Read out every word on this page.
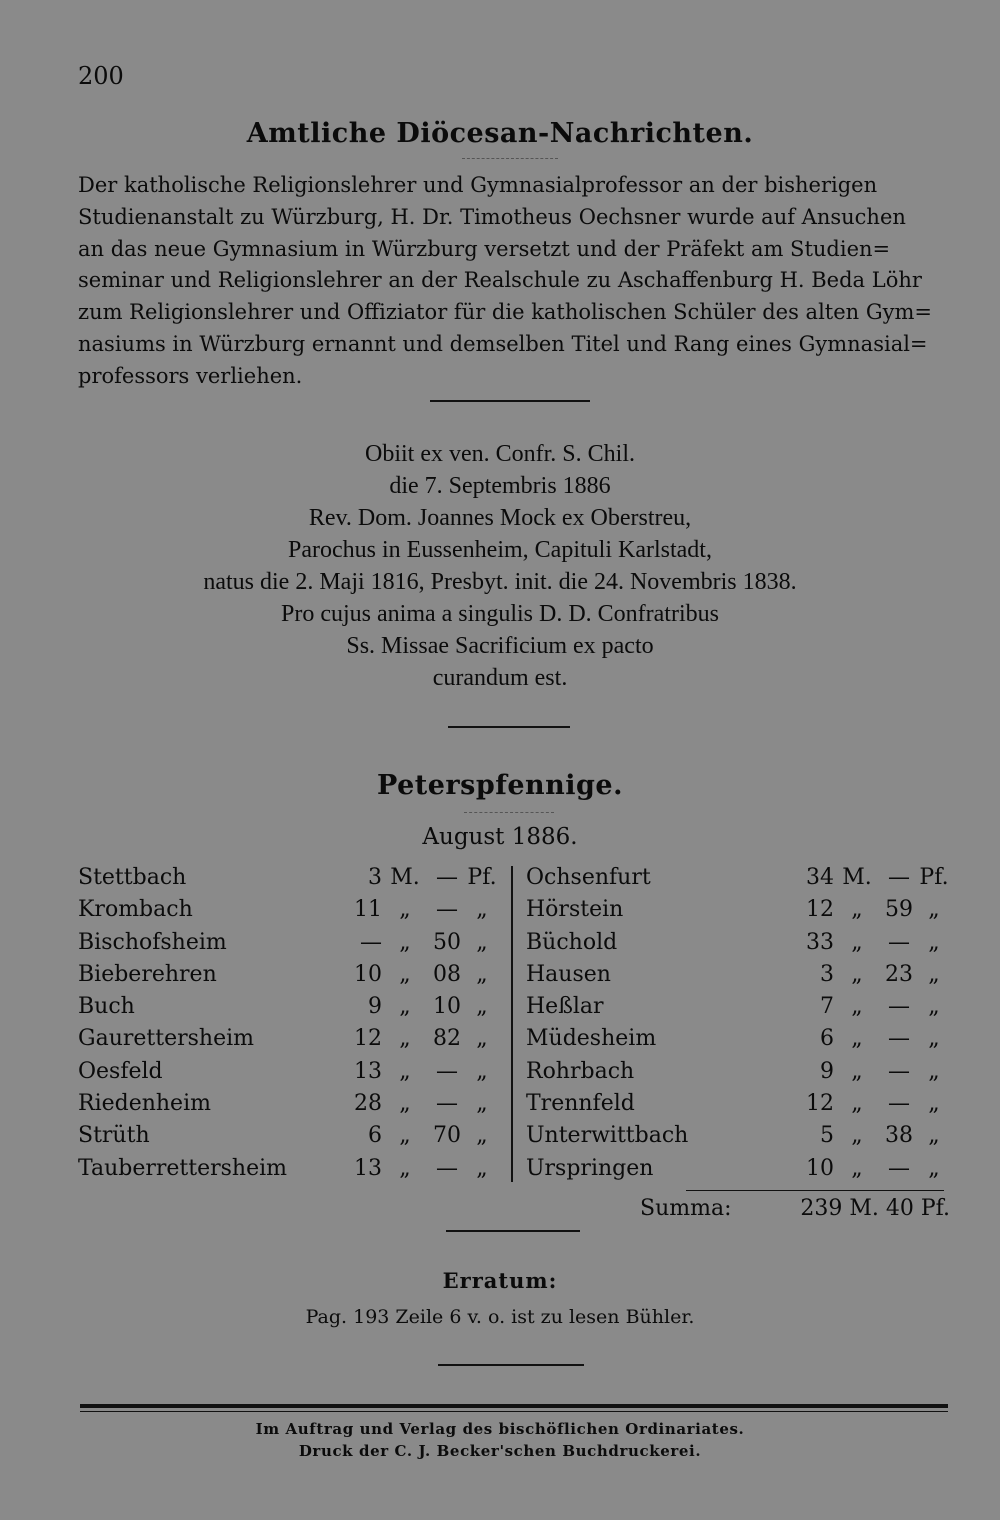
200
Amtliche Diöcesan-Nachrichten.
Der katholische Religionslehrer und Gymnasialprofessor an der bisherigen
Studienanstalt zu Würzburg, H. Dr. Timotheus Oechsner wurde auf Ansuchen
an das neue Gymnasium in Würzburg versetzt und der Präfekt am Studien=
seminar und Religionslehrer an der Realschule zu Aschaffenburg H. Beda Löhr
zum Religionslehrer und Offiziator für die katholischen Schüler des alten Gym=
nasiums in Würzburg ernannt und demselben Titel und Rang eines Gymnasial=
professors verliehen.
Obiit ex ven. Confr. S. Chil.
die 7. Septembris 1886
Rev. Dom. Joannes Mock ex Oberstreu,
Parochus in Eussenheim, Capituli Karlstadt,
natus die 2. Maji 1816, Presbyt. init. die 24. Novembris 1838.
Pro cujus anima a singulis D. D. Confratribus
Ss. Missae Sacrificium ex pacto
curandum est.
Peterspfennige.
August 1886.
Stettbach	3 M. — Pf.
Krombach	11 „	— „
Bischofsheim	— „	50 „
Bieberehren	10 „	08 „
Buch	9 „	10 „
Gaurettersheim	12 „	82 „
Oesfeld	13 „	— „
Riedenheim	28 „	— „
Strüth	6 „	70 „
Tauberrettersheim	13 „	— „
Ochsenfurt	34 M. — Pf.
Hörstein	12 „	59 „
Büchold	33 „	— „
Hausen	3 „	23 „
Heßlar	7 „	— „
Müdesheim	6 „	— „
Rohrbach	9 „	— „
Trennfeld	12 „	— „
Unterwittbach	5 „	38 „
Urspringen	10 „	— „
Summa:	239 M. 40 Pf.
Erratum:
Pag. 193 Zeile 6 v. o. ist zu lesen Bühler.
Im Auftrag und Verlag des bischöflichen Ordinariates.
Druck der C. J. Becker'schen Buchdruckerei.
